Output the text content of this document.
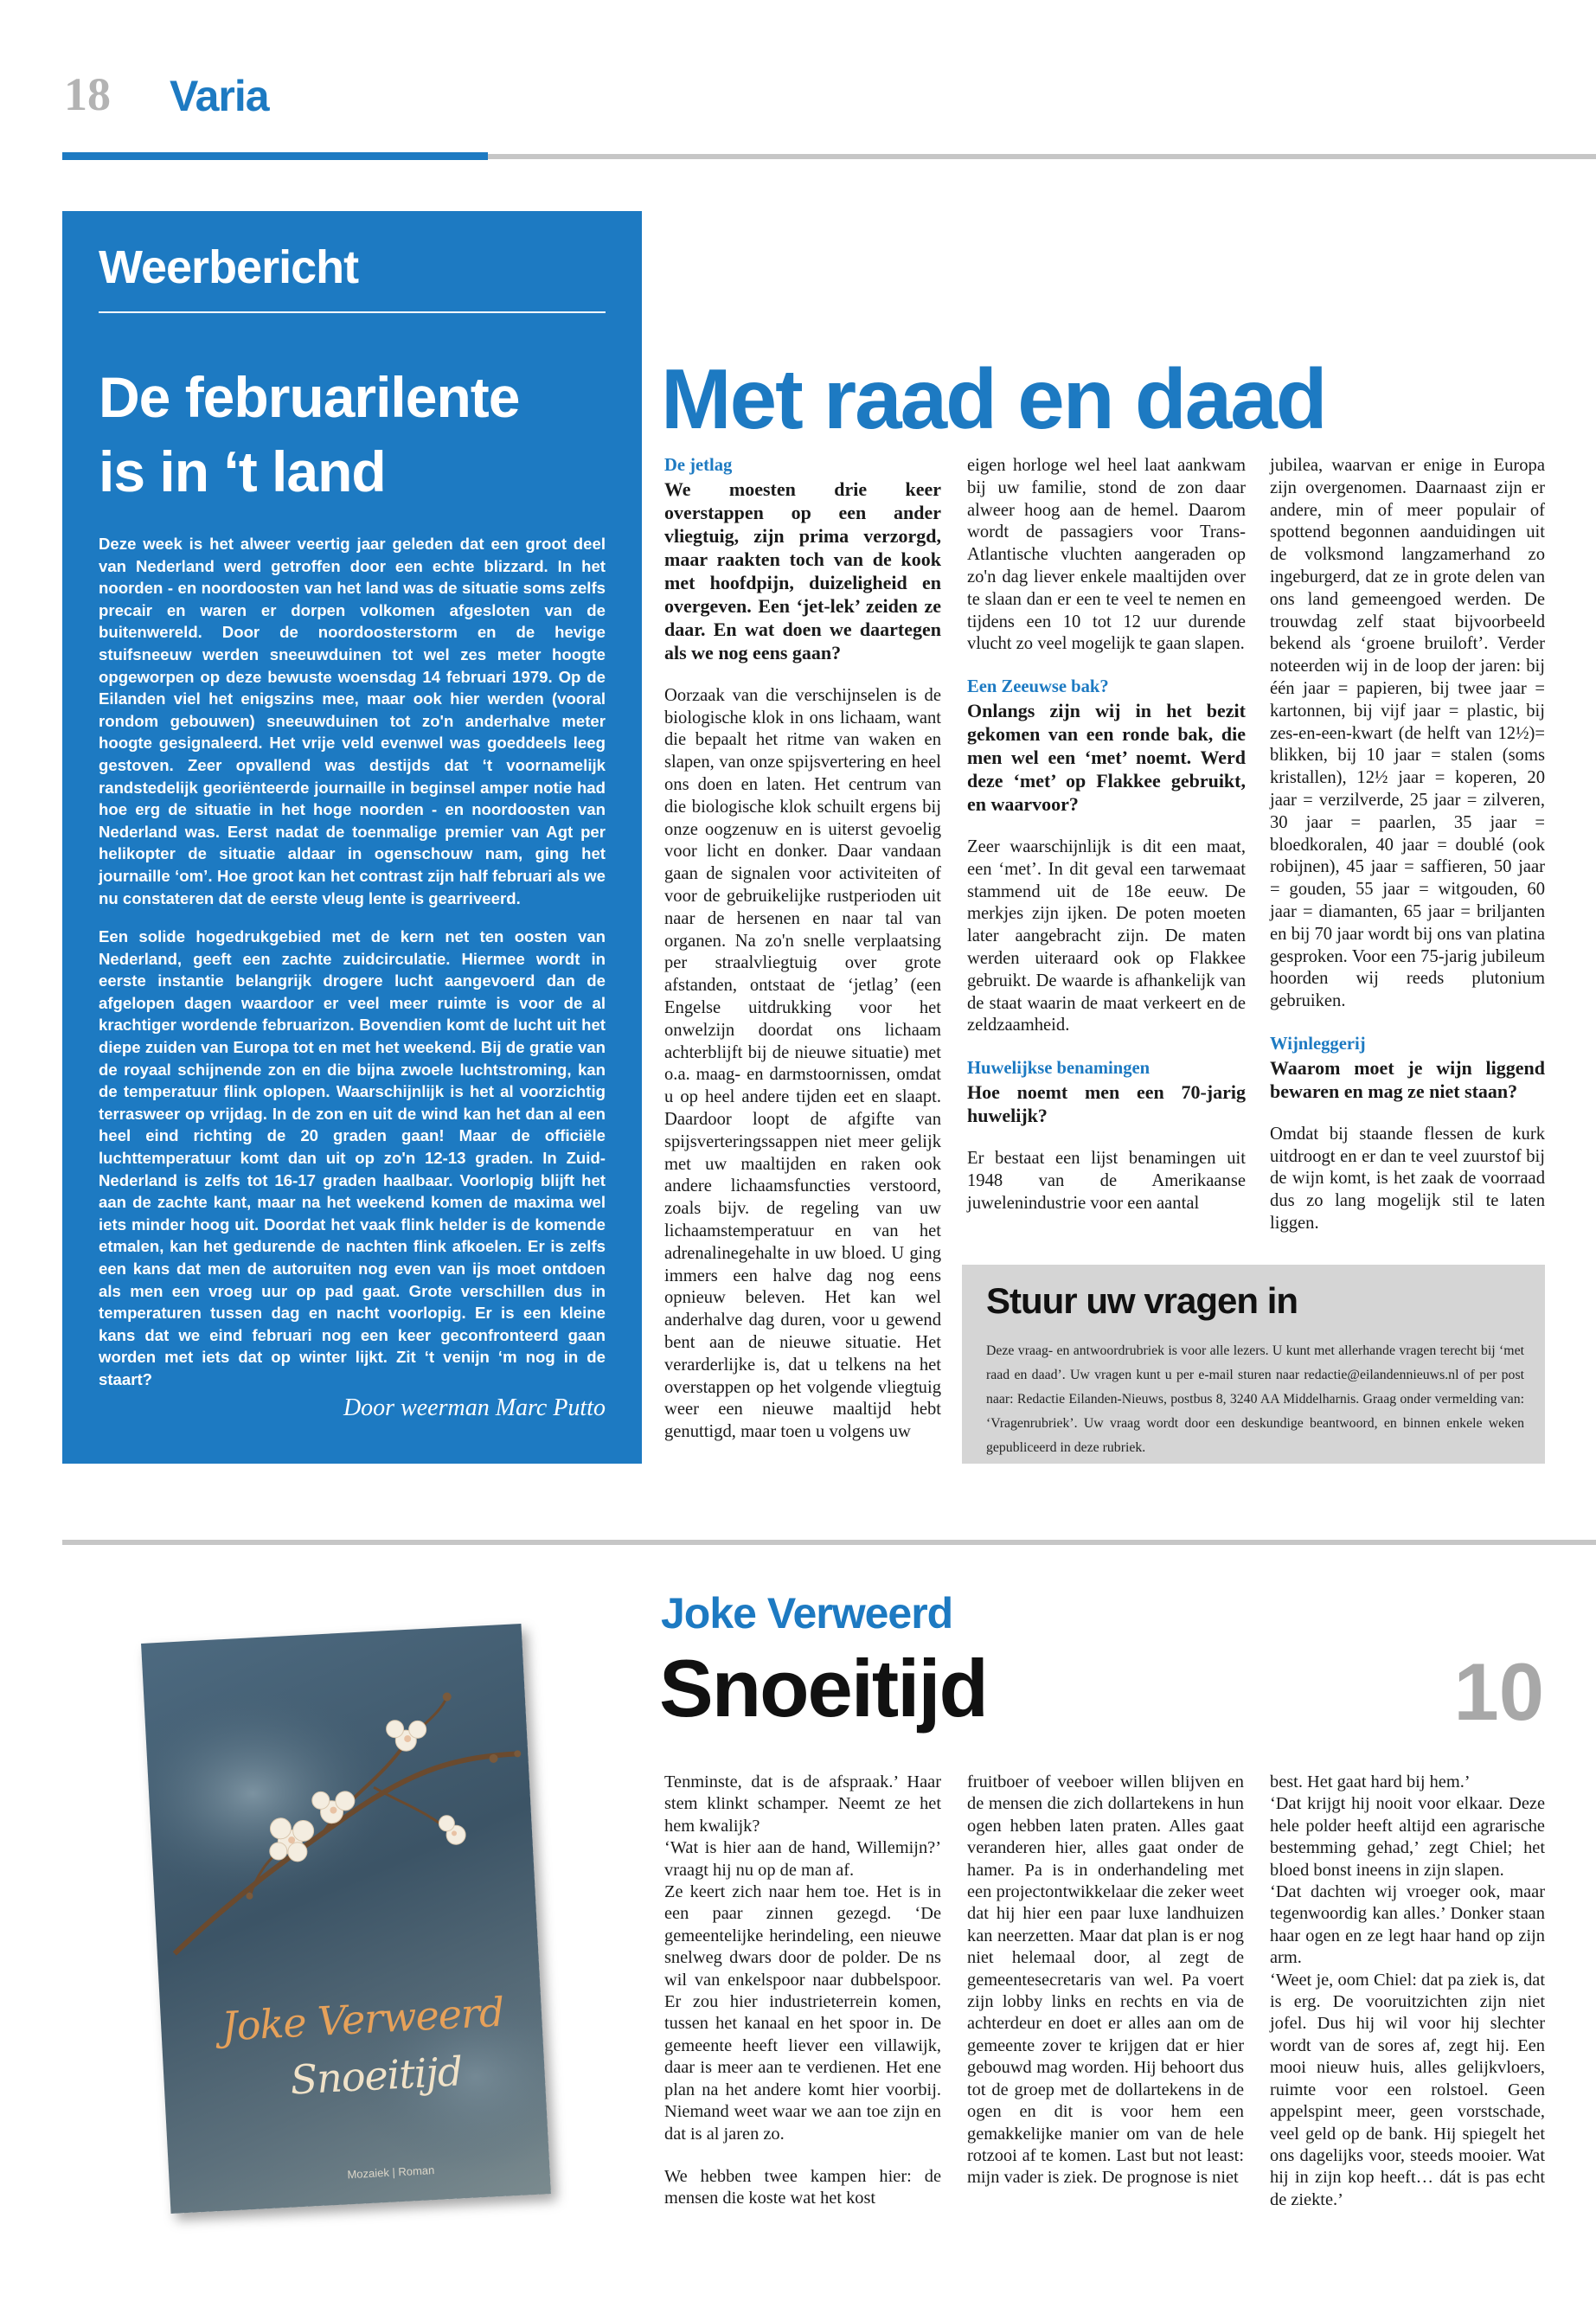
18 Varia
Weerbericht
De februarilente
is in ‘t land
Deze week is het alweer veertig jaar geleden dat een groot deel van Nederland werd getroffen door een echte blizzard. In het noorden - en noordoosten van het land was de situatie soms zelfs precair en waren er dorpen volkomen afgesloten van de buitenwereld. Door de noordoosterstorm en de hevige stuifsneeuw werden sneeuwduinen tot wel zes meter hoogte opgeworpen op deze bewuste woensdag 14 februari 1979. Op de Eilanden viel het enigszins mee, maar ook hier werden (vooral rondom gebouwen) sneeuwduinen tot zo'n anderhalve meter hoogte gesignaleerd. Het vrije veld evenwel was goeddeels leeg gestoven. Zeer opvallend was destijds dat ‘t voornamelijk randstedelijk georiënteerde journaille in beginsel amper notie had hoe erg de situatie in het hoge noorden - en noordoosten van Nederland was. Eerst nadat de toenmalige premier van Agt per helikopter de situatie aldaar in ogenschouw nam, ging het journaille ‘om’. Hoe groot kan het contrast zijn half februari als we nu constateren dat de eerste vleug lente is gearriveerd.
Een solide hogedrukgebied met de kern net ten oosten van Nederland, geeft een zachte zuidcirculatie. Hiermee wordt in eerste instantie belangrijk drogere lucht aangevoerd dan de afgelopen dagen waardoor er veel meer ruimte is voor de al krachtiger wordende februarizon. Bovendien komt de lucht uit het diepe zuiden van Europa tot en met het weekend. Bij de gratie van de royaal schijnende zon en die bijna zwoele luchtstroming, kan de temperatuur flink oplopen. Waarschijnlijk is het al voorzichtig terrasweer op vrijdag. In de zon en uit de wind kan het dan al een heel eind richting de 20 graden gaan! Maar de officiële luchttemperatuur komt dan uit op zo'n 12-13 graden. In Zuid-Nederland is zelfs tot 16-17 graden haalbaar. Voorlopig blijft het aan de zachte kant, maar na het weekend komen de maxima wel iets minder hoog uit. Doordat het vaak flink helder is de komende etmalen, kan het gedurende de nachten flink afkoelen. Er is zelfs een kans dat men de autoruiten nog even van ijs moet ontdoen als men een vroeg uur op pad gaat. Grote verschillen dus in temperaturen tussen dag en nacht voorlopig. Er is een kleine kans dat we eind februari nog een keer geconfronteerd gaan worden met iets dat op winter lijkt. Zit ‘t venijn ‘m nog in de staart?
Door weerman Marc Putto
Met raad en daad
De jetlag
We moesten drie keer overstappen op een ander vliegtuig, zijn prima verzorgd, maar raakten toch van de kook met hoofdpijn, duizeligheid en overgeven. Een ‘jet-lek’ zeiden ze daar. En wat doen we daartegen als we nog eens gaan?

Oorzaak van die verschijnselen is de biologische klok in ons lichaam, want die bepaalt het ritme van waken en slapen, van onze spijsvertering en heel ons doen en laten. Het centrum van die biologische klok schuilt ergens bij onze oogzenuw en is uiterst gevoelig voor licht en donker. Daar vandaan gaan de signalen voor activiteiten of voor de gebruikelijke rustperioden uit naar de hersenen en naar tal van organen. Na zo'n snelle verplaatsing per straalvliegtuig over grote afstanden, ontstaat de ‘jetlag’ (een Engelse uitdrukking voor het onwelzijn doordat ons lichaam achterblijft bij de nieuwe situatie) met o.a. maag- en darmstoornissen, omdat u op heel andere tijden eet en slaapt. Daardoor loopt de afgifte van spijsverteringssappen niet meer gelijk met uw maaltijden en raken ook andere lichaamsfuncties verstoord, zoals bijv. de regeling van uw lichaamstemperatuur en van het adrenalinegehalte in uw bloed. U ging immers een halve dag nog eens opnieuw beleven. Het kan wel anderhalve dag duren, voor u gewend bent aan de nieuwe situatie. Het verarderlijke is, dat u telkens na het overstappen op het volgende vliegtuig weer een nieuwe maaltijd hebt genuttigd, maar toen u volgens uw

eigen horloge wel heel laat aankwam bij uw familie, stond de zon daar alweer hoog aan de hemel. Daarom wordt de passagiers voor Trans-Atlantische vluchten aangeraden op zo'n dag liever enkele maaltijden over te slaan dan er een te veel te nemen en tijdens een 10 tot 12 uur durende vlucht zo veel mogelijk te gaan slapen.

Een Zeeuwse bak?
Onlangs zijn wij in het bezit gekomen van een ronde bak, die men wel een ‘met’ noemt. Werd deze ‘met’ op Flakkee gebruikt, en waarvoor?

Zeer waarschijnlijk is dit een maat, een ‘met’. In dit geval een tarwemaat stammend uit de 18e eeuw. De merkjes zijn ijken. De poten moeten later aangebracht zijn. De maten werden uiteraard ook op Flakkee gebruikt. De waarde is afhankelijk van de staat waarin de maat verkeert en de zeldzaamheid.

Huwelijkse benamingen
Hoe noemt men een 70-jarig huwelijk?

Er bestaat een lijst benamingen uit 1948 van de Amerikaanse juwelenindustrie voor een aantal

jubilea, waarvan er enige in Europa zijn overgenomen. Daarnaast zijn er andere, min of meer populair of spottend begonnen aanduidingen uit de volksmond langzamerhand zo ingeburgerd, dat ze in grote delen van ons land gemeengoed werden. De trouwdag zelf staat bijvoorbeeld bekend als ‘groene bruiloft’. Verder noteerden wij in de loop der jaren: bij één jaar = papieren, bij twee jaar = kartonnen, bij vijf jaar = plastic, bij zes-en-een-kwart (de helft van 12½)= blikken, bij 10 jaar = stalen (soms kristallen), 12½ jaar = koperen, 20 jaar = verzilverde, 25 jaar = zilveren, 30 jaar = paarlen, 35 jaar = bloedkoralen, 40 jaar = doublé (ook robijnen), 45 jaar = saffieren, 50 jaar = gouden, 55 jaar = witgouden, 60 jaar = diamanten, 65 jaar = briljanten en bij 70 jaar wordt bij ons van platina gesproken. Voor een 75-jarig jubileum hoorden wij reeds plutonium gebruiken.

Wijnleggerij
Waarom moet je wijn liggend bewaren en mag ze niet staan?

Omdat bij staande flessen de kurk uitdroogt en er dan te veel zuurstof bij de wijn komt, is het zaak de voorraad dus zo lang mogelijk stil te laten liggen.

Stuur uw vragen in
Deze vraag- en antwoordrubriek is voor alle lezers. U kunt met allerhande vragen terecht bij ‘met raad en daad’. Uw vragen kunt u per e-mail sturen naar redactie@eilandennieuws.nl of per post naar: Redactie Eilanden-Nieuws, postbus 8, 3240 AA Middelharnis. Graag onder vermelding van: ‘Vragenrubriek’. Uw vraag wordt door een deskundige beantwoord, en binnen enkele weken gepubliceerd in deze rubriek.
Joke Verweerd
Snoeitijd	10
Joke Verweerd
Snoeitijd
Mozaiek | Roman

Tenminste, dat is de afspraak.’ Haar stem klinkt schamper. Neemt ze het hem kwalijk?

‘Wat is hier aan de hand, Willemijn?’ vraagt hij nu op de man af.

Ze keert zich naar hem toe. Het is in een paar zinnen gezegd. ‘De gemeentelijke herindeling, een nieuwe snelweg dwars door de polder. De ns wil van enkelspoor naar dubbelspoor. Er zou hier industrieterrein komen, tussen het kanaal en het spoor in. De gemeente heeft liever een villawijk, daar is meer aan te verdienen. Het ene plan na het andere komt hier voorbij. Niemand weet waar we aan toe zijn en dat is al jaren zo.

We hebben twee kampen hier: de mensen die koste wat het kost

fruitboer of veeboer willen blijven en de mensen die zich dollartekens in hun ogen hebben laten praten. Alles gaat veranderen hier, alles gaat onder de hamer. Pa is in onderhandeling met een projectontwikkelaar die zeker weet dat hij hier een paar luxe landhuizen kan neerzetten. Maar dat plan is er nog niet helemaal door, al zegt de gemeentesecretaris van wel. Pa voert zijn lobby links en rechts en via de achterdeur en doet er alles aan om de gemeente zover te krijgen dat er hier gebouwd mag worden. Hij behoort dus tot de groep met de dollartekens in de ogen en dit is voor hem een gemakkelijke manier om van de hele rotzooi af te komen. Last but not least: mijn vader is ziek. De prognose is niet

best. Het gaat hard bij hem.’

‘Dat krijgt hij nooit voor elkaar. Deze hele polder heeft altijd een agrarische bestemming gehad,’ zegt Chiel; het bloed bonst ineens in zijn slapen.

‘Dat dachten wij vroeger ook, maar tegenwoordig kan alles.’ Donker staan haar ogen en ze legt haar hand op zijn arm.

‘Weet je, oom Chiel: dat pa ziek is, dat is erg. De vooruitzichten zijn niet jofel. Dus hij wil voor hij slechter wordt van de sores af, zegt hij. Een mooi nieuw huis, alles gelijkvloers, ruimte voor een rolstoel. Geen appelspint meer, geen vorstschade, veel geld op de bank. Hij spiegelt het ons dagelijks voor, steeds mooier. Wat hij in zijn kop heeft… dát is pas echt de ziekte.’
